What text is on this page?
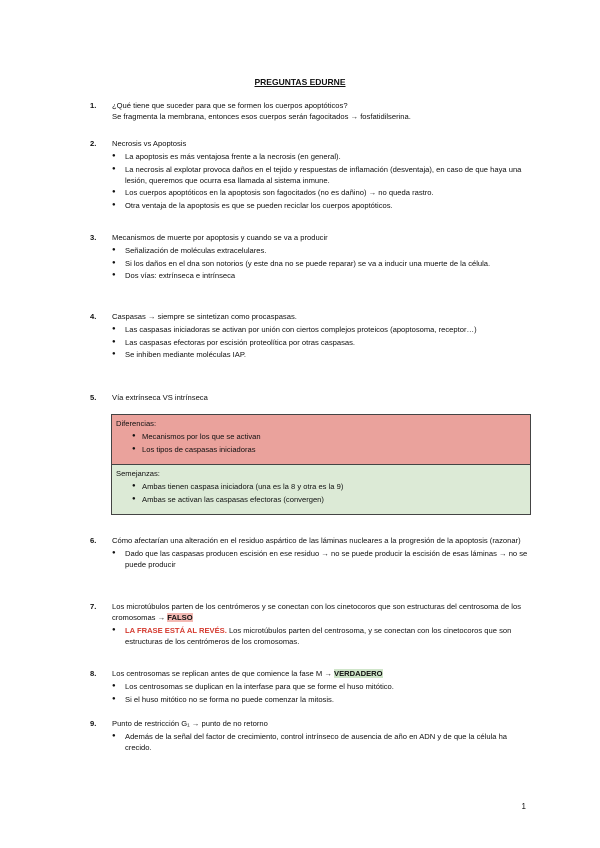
PREGUNTAS EDURNE
1.	¿Qué tiene que suceder para que se formen los cuerpos apoptóticos?
Se fragmenta la membrana, entonces esos cuerpos serán fagocitados → fosfatidilserina.
2.	Necrosis vs Apoptosis
● La apoptosis es más ventajosa frente a la necrosis (en general).
● La necrosis al explotar provoca daños en el tejido y respuestas de inflamación (desventaja), en caso de que haya una lesión, queremos que ocurra esa llamada al sistema inmune.
● Los cuerpos apoptóticos en la apoptosis son fagocitados (no es dañino) → no queda rastro.
● Otra ventaja de la apoptosis es que se pueden reciclar los cuerpos apoptóticos.
3.	Mecanismos de muerte por apoptosis y cuando se va a producir
● Señalización de moléculas extracelulares.
● Si los daños en el dna son notorios (y este dna no se puede reparar) se va a inducir una muerte de la célula.
● Dos vías: extrínseca e intrínseca
4.	Caspasas → siempre se sintetizan como procaspasas.
● Las caspasas iniciadoras se activan por unión con ciertos complejos proteicos (apoptosoma, receptor…)
● Las caspasas efectoras por escisión proteolítica por otras caspasas.
● Se inhiben mediante moléculas IAP.
5.	Vía extrínseca VS intrínseca
Diferencias:
● Mecanismos por los que se activan
● Los tipos de caspasas iniciadoras
Semejanzas:
● Ambas tienen caspasa iniciadora (una es la 8 y otra es la 9)
● Ambas se activan las caspasas efectoras (convergen)
6.	Cómo afectarían una alteración en el residuo aspártico de las láminas nucleares a la progresión de la apoptosis (razonar)
● Dado que las caspasas producen escisión en ese residuo → no se puede producir la escisión de esas láminas → no se puede producir
7.	Los microtúbulos parten de los centrómeros y se conectan con los cinetocoros que son estructuras del centrosoma de los cromosomas → FALSO
● LA FRASE ESTÁ AL REVÉS. Los microtúbulos parten del centrosoma, y se conectan con los cinetocoros que son estructuras de los centrómeros de los cromosomas.
8.	Los centrosomas se replican antes de que comience la fase M → VERDADERO
● Los centrosomas se duplican en la interfase para que se forme el huso mitótico.
● Si el huso mitótico no se forma no puede comenzar la mitosis.
9.	Punto de restricción G₁ → punto de no retorno
● Además de la señal del factor de crecimiento, control intrínseco de ausencia de año en ADN y de que la célula ha crecido.
1
